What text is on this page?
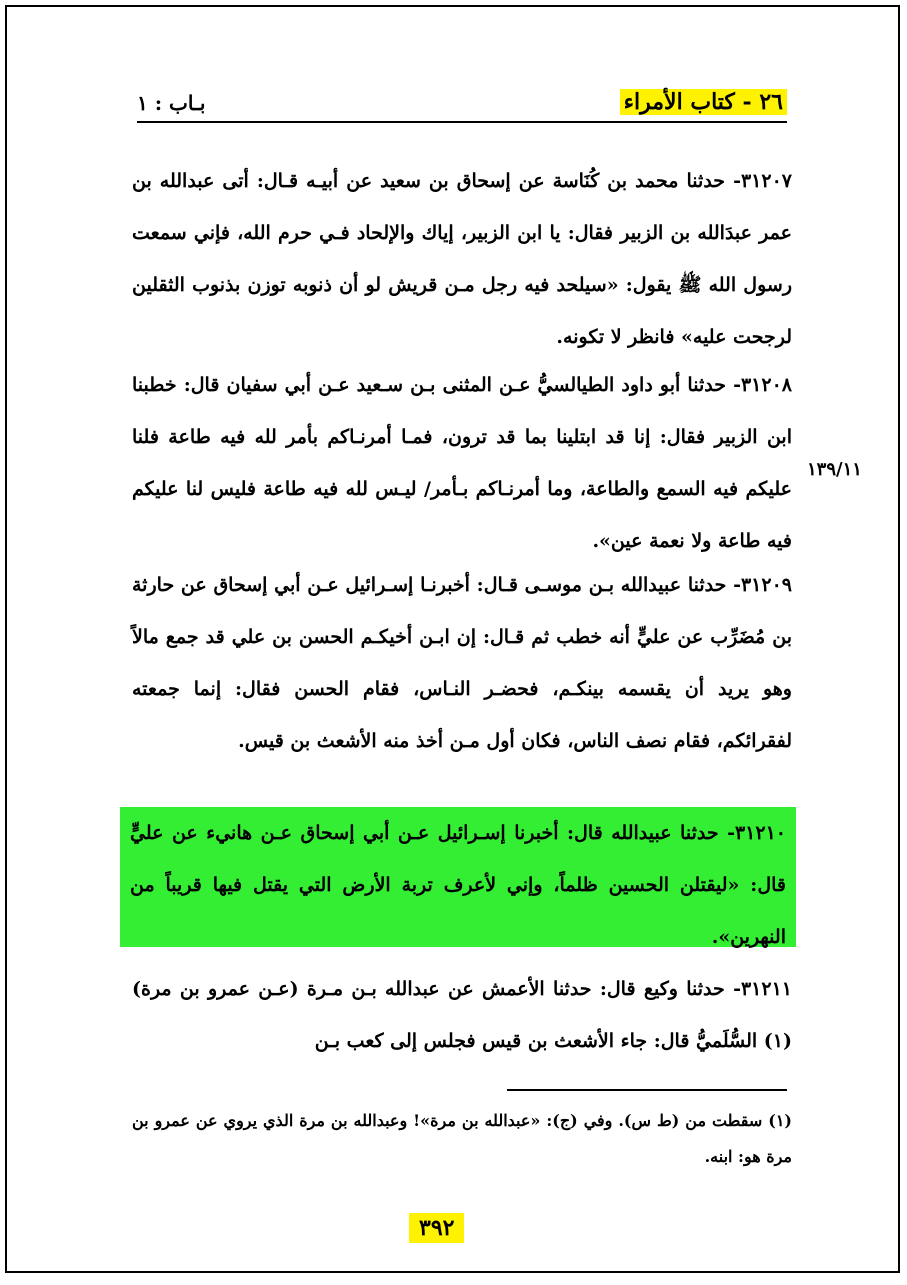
٢٦ - كتاب الأمراء
بـاب : ١

٣١٢٠٧- حدثنا محمد بن كُنَاسة عن إسحاق بن سعيد عن أبيـه قـال: أتى عبدالله بن عمر عبدَالله بن الزبير فقال: يا ابن الزبير، إياك والإلحاد فـي حرم الله، فإني سمعت رسول الله ﷺ يقول: «سيلحد فيه رجل مـن قريش لو أن ذنوبه توزن بذنوب الثقلين لرجحت عليه» فانظر لا تكونه.

٣١٢٠٨- حدثنا أبو داود الطيالسيُّ عـن المثنى بـن سـعيد عـن أبي سفيان قال: خطبنا ابن الزبير فقال: إنا قد ابتلينا بما قد ترون، فمـا أمرنـاكم بأمر لله فيه طاعة فلنا عليكم فيه السمع والطاعة، وما أمرنـاكم بـأمر/ ليـس لله فيه طاعة فليس لنا عليكم فيه طاعة ولا نعمة عين».

١٣٩/١١

٣١٢٠٩- حدثنا عبيدالله بـن موسـى قـال: أخبرنـا إسـرائيل عـن أبي إسحاق عن حارثة بن مُضَرِّب عن عليٍّ أنه خطب ثم قـال: إن ابـن أخيكـم الحسن بن علي قد جمع مالاً وهو يريد أن يقسمه بينكـم، فحضـر النـاس، فقام الحسن فقال: إنما جمعته لفقرائكم، فقام نصف الناس، فكان أول مـن أخذ منه الأشعث بن قيس.

٣١٢١٠- حدثنا عبيدالله قال: أخبرنا إسـرائيل عـن أبي إسحاق عـن هانيء عن عليٍّ قال: «ليقتلن الحسين ظلماً، وإني لأعرف تربة الأرض التي يقتل فيها قريباً من النهرين».

٣١٢١١- حدثنا وكيع قال: حدثنا الأعمش عن عبدالله بـن مـرة (عـن عمرو بن مرة)(١) السُّلَميُّ قال: جاء الأشعث بن قيس فجلس إلى كعب بـن

(١) سقطت من (ط س). وفي (ج): «عبدالله بن مرة»! وعبدالله بن مرة الذي يروي عن عمرو بن مرة هو: ابنه.

٣٩٢
